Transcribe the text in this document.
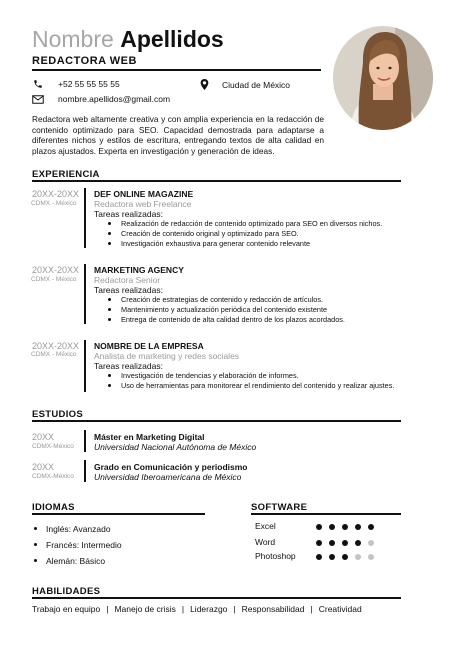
Nombre Apellidos
REDACTORA WEB
+52 55 55 55 55	Ciudad de México
nombre.apellidos@gmail.com
Redactora web altamente creativa y con amplia experiencia en la redacción de contenido optimizado para SEO. Capacidad demostrada para adaptarse a diferentes nichos y estilos de escritura, entregando textos de alta calidad en plazos ajustados. Experta en investigación y generación de ideas.
EXPERIENCIA
20XX-20XX
CDMX - México
DEF ONLINE MAGAZINE
Redactora web Freelance
Tareas realizadas:
Realización de redacción de contenido optimizado para SEO en diversos nichos.
Creación de contenido original y optimizado para SEO.
Investigación exhaustiva para generar contenido relevante
20XX-20XX
CDMX - México
MARKETING AGENCY
Redactora Senior
Tareas realizadas:
Creación de estrategias de contenido y redacción de artículos.
Mantenimiento y actualización periódica del contenido existente
Entrega de contenido de alta calidad dentro de los plazos acordados.
20XX-20XX
CDMX - México
NOMBRE DE LA EMPRESA
Analista de marketing y redes sociales
Tareas realizadas:
Investigación de tendencias y elaboración de informes.
Uso de herramientas para monitorear el rendimiento del contenido y realizar ajustes.
ESTUDIOS
20XX
CDMX-México
Máster en Marketing Digital
Universidad Nacional Autónoma de México
20XX
CDMX-México
Grado en Comunicación y periodismo
Universidad Iberoamericana de México
IDIOMAS
Inglés: Avanzado
Francés: Intermedio
Alemán: Básico
SOFTWARE
Excel
Word
Photoshop
HABILIDADES
Trabajo en equipo | Manejo de crisis | Liderazgo | Responsabilidad | Creatividad
